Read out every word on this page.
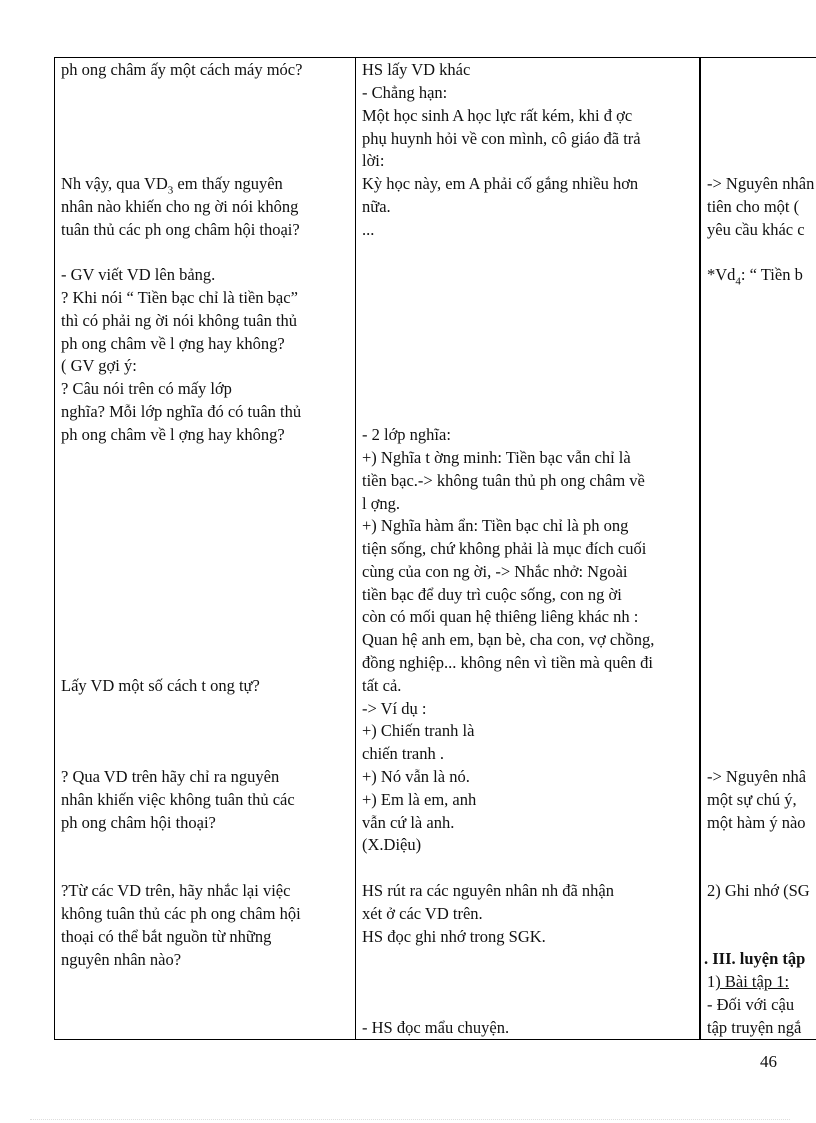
ph ong châm ấy một cách máy móc?
Nh vậy, qua $VD_3$ em thấy nguyên
nhân nào khiến cho ng ời nói không
tuân thủ các ph ong châm hội thoại?
- GV viết VD lên bảng.
? Khi nói “ Tiền bạc chỉ là tiền bạc”
thì có phải ng ời nói không tuân thủ
ph ong châm về l ợng hay không?
( GV gợi ý:
? Câu nói trên có mấy lớp
nghĩa? Mỗi lớp nghĩa đó có tuân thủ
ph ong châm về l ợng hay không?
Lấy VD một số cách t ong tự?
? Qua VD trên hãy chỉ ra nguyên
nhân khiến việc không tuân thủ các
ph ong châm hội thoại?
?Từ các VD trên, hãy nhắc lại việc
không tuân thủ các ph ong châm hội
thoại có thể bắt nguồn từ những
nguyên nhân nào?
HS lấy VD khác
- Chẳng hạn:
Một học sinh A học lực rất kém, khi đ ợc
phụ huynh hỏi về con mình, cô giáo đã trả
lời:
Kỳ học này, em A phải cố gắng nhiều hơn
nữa.
...
- 2 lớp nghĩa:
+) Nghĩa t ờng minh: Tiền bạc vẫn chỉ là
tiền bạc.-> không tuân thủ ph ong châm về
l ợng.
+) Nghĩa hàm ẩn: Tiền bạc chỉ là ph ong
tiện sống, chứ không phải là mục đích cuối
cùng của con ng ời, -> Nhắc nhở: Ngoài
tiền bạc để duy trì cuộc sống, con ng ời
còn có mối quan hệ thiêng liêng khác nh :
Quan hệ anh em, bạn bè, cha con, vợ chồng,
đồng nghiệp... không nên vì tiền mà quên đi
tất cả.
-> Ví dụ :
+) Chiến tranh là
chiến tranh .
+) Nó vẫn là nó.
+) Em là em, anh
vẫn cứ là anh.
(X.Diệu)
HS rút ra các nguyên nhân nh đã nhận
xét ở các VD trên.
HS đọc ghi nhớ trong SGK.
- HS đọc mẩu chuyện.
-> Nguyên nhân
tiên cho một (
yêu cầu khác c
$*Vd_4$: “ Tiền b
-> Nguyên nhâ
một sự chú ý,
một hàm ý nào
2) Ghi nhớ (SG
. III. luyện tập
1) Bài tập 1:
- Đối với cậu
tập truyện ngắ
46
